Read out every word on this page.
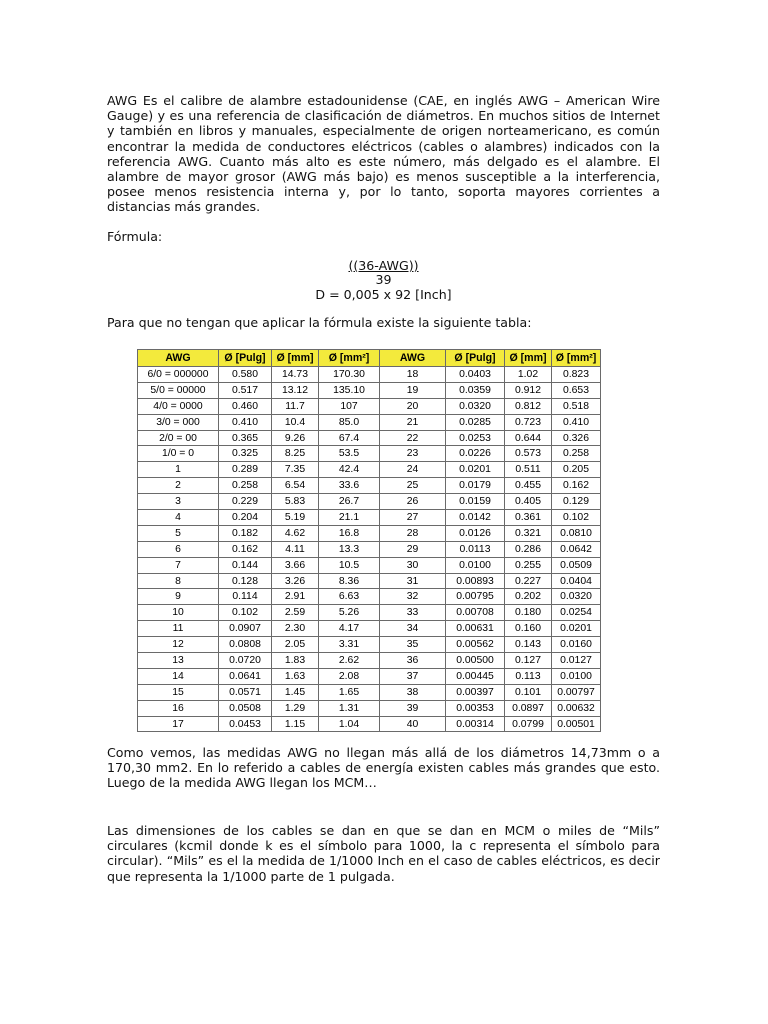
AWG Es el calibre de alambre estadounidense (CAE, en inglés AWG – American Wire Gauge) y es una referencia de clasificación de diámetros. En muchos sitios de Internet y también en libros y manuales, especialmente de origen norteamericano, es común encontrar la medida de conductores eléctricos (cables o alambres) indicados con la referencia AWG. Cuanto más alto es este número, más delgado es el alambre. El alambre de mayor grosor (AWG más bajo) es menos susceptible a la interferencia, posee menos resistencia interna y, por lo tanto, soporta mayores corrientes a distancias más grandes.

Fórmula:

((36-AWG))
39
D = 0,005 x 92 [Inch]

Para que no tengan que aplicar la fórmula existe la siguiente tabla:

AWG	Ø [Pulg]	Ø [mm]	Ø [mm²]	AWG	Ø [Pulg]	Ø [mm]	Ø [mm²]
6/0 = 000000	0.580	14.73	170.30	18	0.0403	1.02	0.823
5/0 = 00000	0.517	13.12	135.10	19	0.0359	0.912	0.653
4/0 = 0000	0.460	11.7	107	20	0.0320	0.812	0.518
3/0 = 000	0.410	10.4	85.0	21	0.0285	0.723	0.410
2/0 = 00	0.365	9.26	67.4	22	0.0253	0.644	0.326
1/0 = 0	0.325	8.25	53.5	23	0.0226	0.573	0.258
1	0.289	7.35	42.4	24	0.0201	0.511	0.205
2	0.258	6.54	33.6	25	0.0179	0.455	0.162
3	0.229	5.83	26.7	26	0.0159	0.405	0.129
4	0.204	5.19	21.1	27	0.0142	0.361	0.102
5	0.182	4.62	16.8	28	0.0126	0.321	0.0810
6	0.162	4.11	13.3	29	0.0113	0.286	0.0642
7	0.144	3.66	10.5	30	0.0100	0.255	0.0509
8	0.128	3.26	8.36	31	0.00893	0.227	0.0404
9	0.114	2.91	6.63	32	0.00795	0.202	0.0320
10	0.102	2.59	5.26	33	0.00708	0.180	0.0254
11	0.0907	2.30	4.17	34	0.00631	0.160	0.0201
12	0.0808	2.05	3.31	35	0.00562	0.143	0.0160
13	0.0720	1.83	2.62	36	0.00500	0.127	0.0127
14	0.0641	1.63	2.08	37	0.00445	0.113	0.0100
15	0.0571	1.45	1.65	38	0.00397	0.101	0.00797
16	0.0508	1.29	1.31	39	0.00353	0.0897	0.00632
17	0.0453	1.15	1.04	40	0.00314	0.0799	0.00501

Como vemos, las medidas AWG no llegan más allá de los diámetros 14,73mm o a 170,30 mm2. En lo referido a cables de energía existen cables más grandes que esto. Luego de la medida AWG llegan los MCM…

Las dimensiones de los cables se dan en que se dan en MCM o miles de “Mils” circulares (kcmil donde k es el símbolo para 1000, la c representa el símbolo para circular). “Mils” es el la medida de 1/1000 Inch en el caso de cables eléctricos, es decir que representa la 1/1000 parte de 1 pulgada.
